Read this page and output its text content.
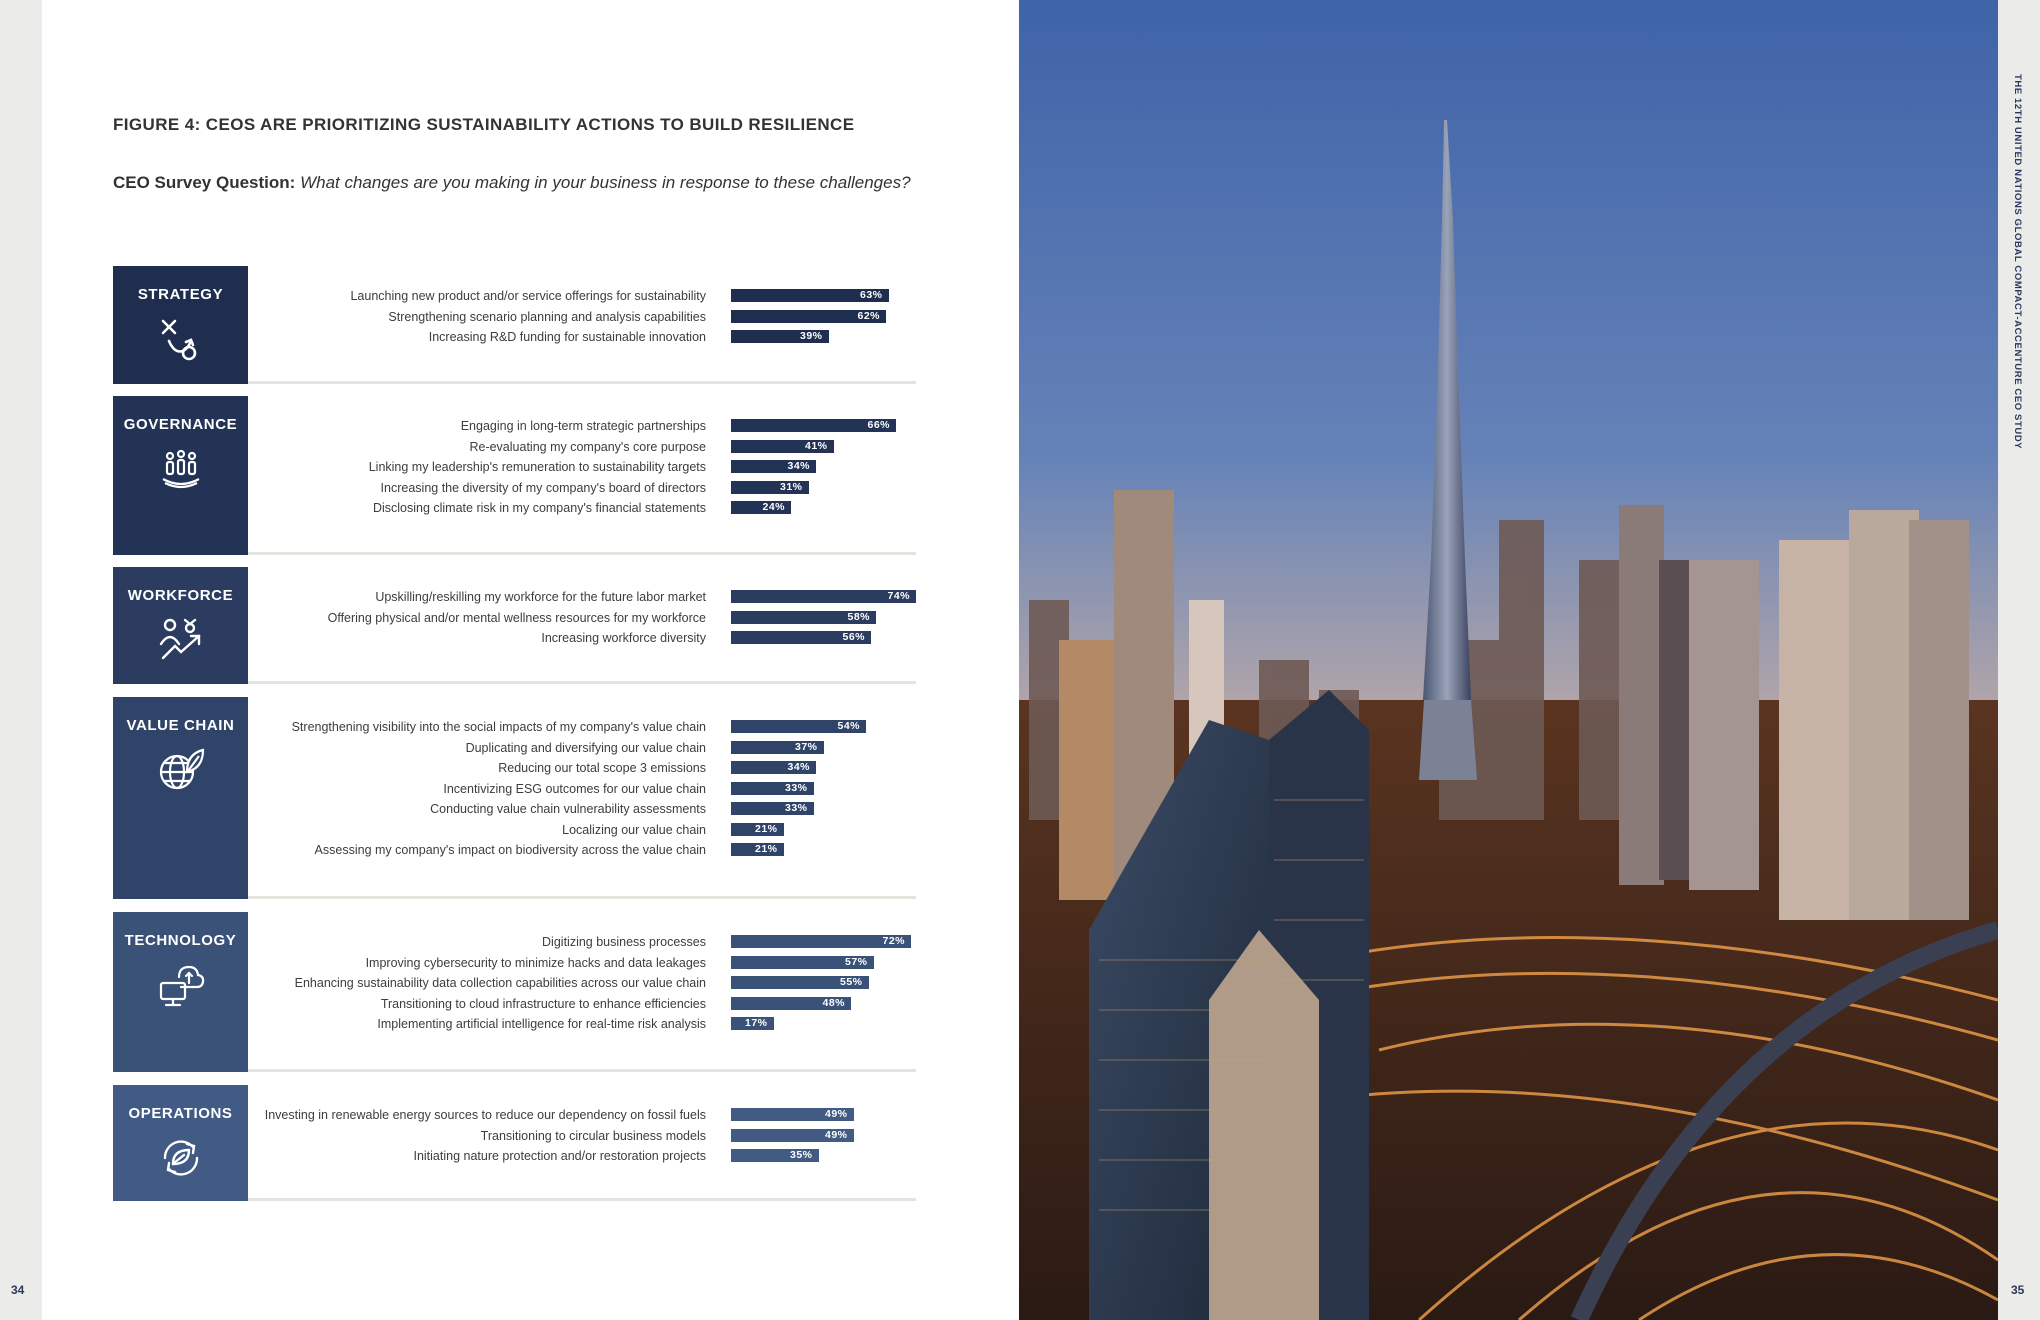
34	35
THE 12TH UNITED NATIONS GLOBAL COMPACT-ACCENTURE CEO STUDY
FIGURE 4: CEOS ARE PRIORITIZING SUSTAINABILITY ACTIONS TO BUILD RESILIENCE
CEO Survey Question: What changes are you making in your business in response to these challenges?
STRATEGY	Launching new product and/or service offerings for sustainability	63%
Strengthening scenario planning and analysis capabilities	62%
Increasing R&D funding for sustainable innovation	39%
GOVERNANCE	Engaging in long-term strategic partnerships	66%
Re-evaluating my company's core purpose	41%
Linking my leadership's remuneration to sustainability targets	34%
Increasing the diversity of my company's board of directors	31%
Disclosing climate risk in my company's financial statements	24%
WORKFORCE	Upskilling/reskilling my workforce for the future labor market	74%
Offering physical and/or mental wellness resources for my workforce	58%
Increasing workforce diversity	56%
VALUE CHAIN	Strengthening visibility into the social impacts of my company's value chain	54%
Duplicating and diversifying our value chain	37%
Reducing our total scope 3 emissions	34%
Incentivizing ESG outcomes for our value chain	33%
Conducting value chain vulnerability assessments	33%
Localizing our value chain	21%
Assessing my company's impact on biodiversity across the value chain	21%
TECHNOLOGY	Digitizing business processes	72%
Improving cybersecurity to minimize hacks and data leakages	57%
Enhancing sustainability data collection capabilities across our value chain	55%
Transitioning to cloud infrastructure to enhance efficiencies	48%
Implementing artificial intelligence for real-time risk analysis	17%
OPERATIONS	Investing in renewable energy sources to reduce our dependency on fossil fuels	49%
Transitioning to circular business models	49%
Initiating nature protection and/or restoration projects	35%
